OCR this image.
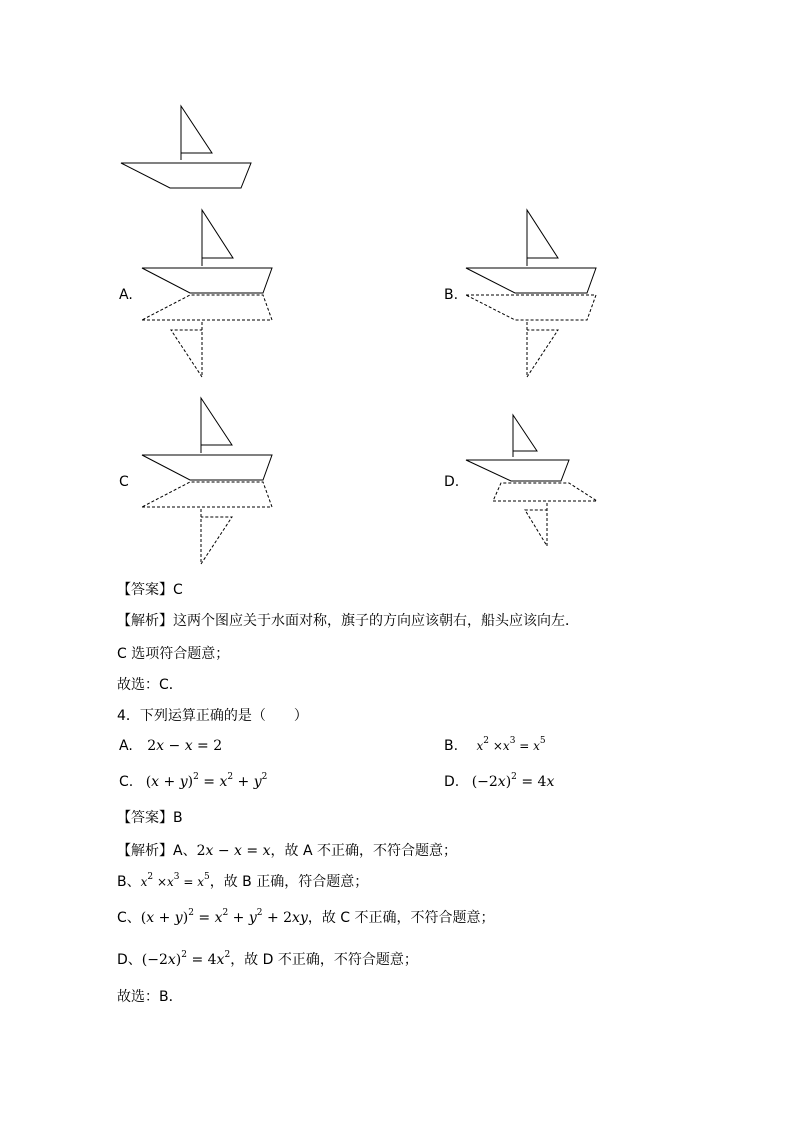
A.	B.
C	D.
【答案】C
【解析】这两个图应关于水面对称，旗子的方向应该朝右，船头应该向左．
C 选项符合题意；
故选：C．
4．下列运算正确的是（　　）
A. 2x − x = 2	B. $x^2 \times x^3 = x^5$
C. $(x + y)^2 = x^2 + y^2$	D. $(-2x)^2 = 4x$
【答案】B
【解析】A、2x − x = x，故 A 不正确，不符合题意；
B、$x^2 \times x^3 = x^5$，故 B 正确，符合题意；
C、$(x + y)^2 = x^2 + y^2 + 2xy$，故 C 不正确，不符合题意；
D、$(-2x)^2 = 4x^2$，故 D 不正确，不符合题意；
故选：B．
